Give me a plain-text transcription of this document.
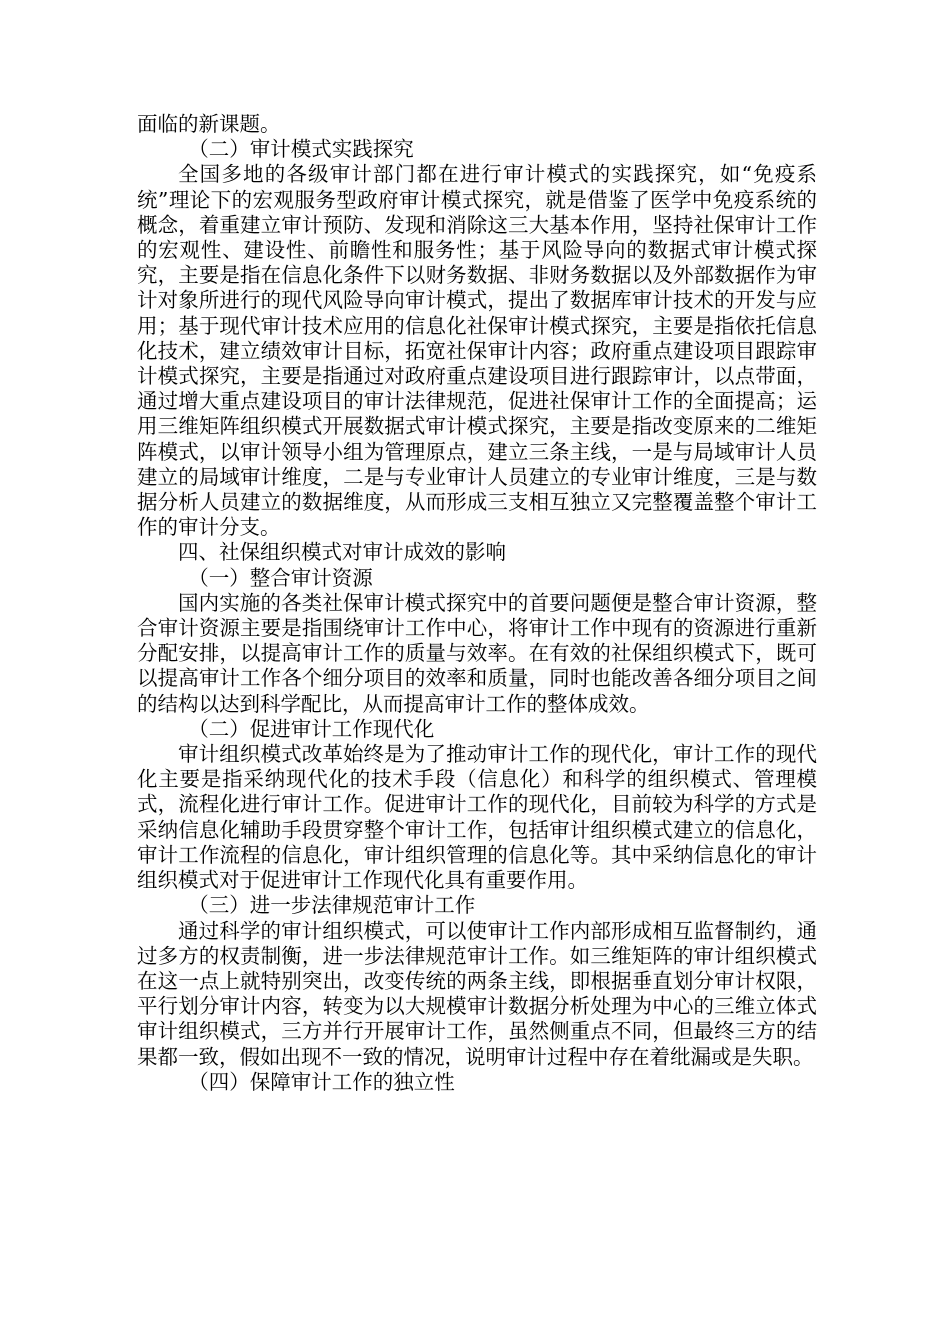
面临的新课题。

（二）审计模式实践探究

全国多地的各级审计部门都在进行审计模式的实践探究，如“免疫系统”理论下的宏观服务型政府审计模式探究，就是借鉴了医学中免疫系统的概念，着重建立审计预防、发现和消除这三大基本作用，坚持社保审计工作的宏观性、建设性、前瞻性和服务性；基于风险导向的数据式审计模式探究，主要是指在信息化条件下以财务数据、非财务数据以及外部数据作为审计对象所进行的现代风险导向审计模式，提出了数据库审计技术的开发与应用；基于现代审计技术应用的信息化社保审计模式探究，主要是指依托信息化技术，建立绩效审计目标，拓宽社保审计内容；政府重点建设项目跟踪审计模式探究，主要是指通过对政府重点建设项目进行跟踪审计，以点带面，通过增大重点建设项目的审计法律规范，促进社保审计工作的全面提高；运用三维矩阵组织模式开展数据式审计模式探究，主要是指改变原来的二维矩阵模式，以审计领导小组为管理原点，建立三条主线，一是与局域审计人员建立的局域审计维度，二是与专业审计人员建立的专业审计维度，三是与数据分析人员建立的数据维度，从而形成三支相互独立又完整覆盖整个审计工作的审计分支。

四、社保组织模式对审计成效的影响

（一）整合审计资源

国内实施的各类社保审计模式探究中的首要问题便是整合审计资源，整合审计资源主要是指围绕审计工作中心，将审计工作中现有的资源进行重新分配安排，以提高审计工作的质量与效率。在有效的社保组织模式下，既可以提高审计工作各个细分项目的效率和质量，同时也能改善各细分项目之间的结构以达到科学配比，从而提高审计工作的整体成效。

（二）促进审计工作现代化

审计组织模式改革始终是为了推动审计工作的现代化，审计工作的现代化主要是指采纳现代化的技术手段（信息化）和科学的组织模式、管理模式，流程化进行审计工作。促进审计工作的现代化，目前较为科学的方式是采纳信息化辅助手段贯穿整个审计工作，包括审计组织模式建立的信息化，审计工作流程的信息化，审计组织管理的信息化等。其中采纳信息化的审计组织模式对于促进审计工作现代化具有重要作用。

（三）进一步法律规范审计工作

通过科学的审计组织模式，可以使审计工作内部形成相互监督制约，通过多方的权责制衡，进一步法律规范审计工作。如三维矩阵的审计组织模式在这一点上就特别突出，改变传统的两条主线，即根据垂直划分审计权限，平行划分审计内容，转变为以大规模审计数据分析处理为中心的三维立体式审计组织模式，三方并行开展审计工作，虽然侧重点不同，但最终三方的结果都一致，假如出现不一致的情况，说明审计过程中存在着纰漏或是失职。

（四）保障审计工作的独立性
